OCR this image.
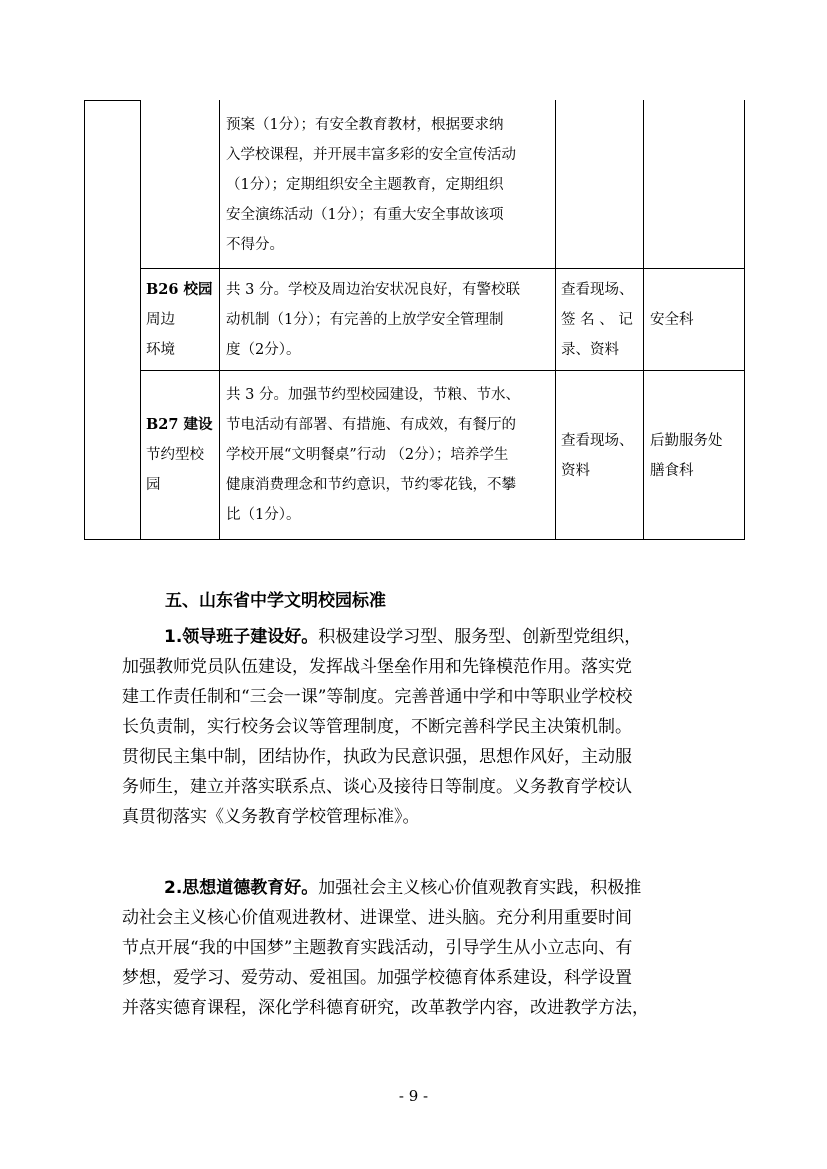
预案（1分）；有安全教育教材，根据要求纳
入学校课程，并开展丰富多彩的安全宣传活动
（1分）；定期组织安全主题教育，定期组织
安全演练活动（1分）；有重大安全事故该项
不得分。
B26 校园
周边
环境
共 3 分。学校及周边治安状况良好，有警校联
动机制（1分）；有完善的上放学安全管理制
度（2分）。
查看现场、
签 名 、 记
录、资料
安全科
B27 建设
节约型校
园
共 3 分。加强节约型校园建设，节粮、节水、
节电活动有部署、有措施、有成效，有餐厅的
学校开展“文明餐桌”行动 （2分）；培养学生
健康消费理念和节约意识，节约零花钱，不攀
比（1分）。
查看现场、
资料
后勤服务处
膳食科
五、山东省中学文明校园标准
1.领导班子建设好。积极建设学习型、服务型、创新型党组织，
加强教师党员队伍建设，发挥战斗堡垒作用和先锋模范作用。落实党
建工作责任制和“三会一课”等制度。完善普通中学和中等职业学校校
长负责制，实行校务会议等管理制度，不断完善科学民主决策机制。
贯彻民主集中制，团结协作，执政为民意识强，思想作风好，主动服
务师生，建立并落实联系点、谈心及接待日等制度。义务教育学校认
真贯彻落实《义务教育学校管理标准》。
2.思想道德教育好。加强社会主义核心价值观教育实践，积极推
动社会主义核心价值观进教材、进课堂、进头脑。充分利用重要时间
节点开展“我的中国梦”主题教育实践活动，引导学生从小立志向、有
梦想，爱学习、爱劳动、爱祖国。加强学校德育体系建设，科学设置
并落实德育课程，深化学科德育研究，改革教学内容，改进教学方法，
- 9 -
